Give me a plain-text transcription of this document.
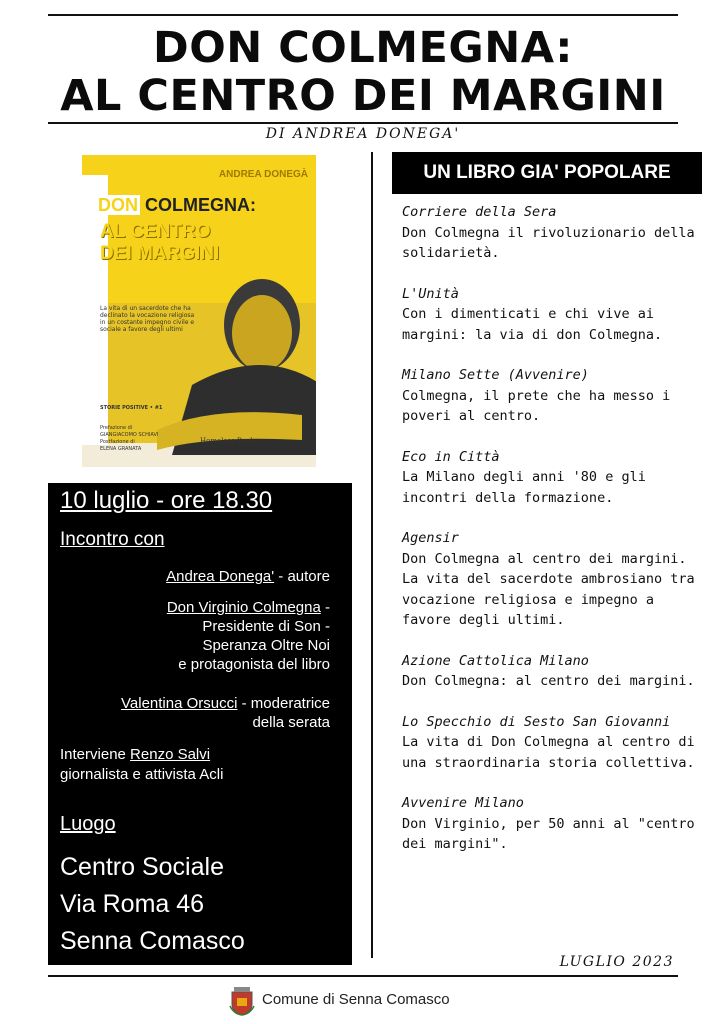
DON COLMEGNA:
AL CENTRO DEI MARGINI
DI ANDREA DONEGA'
ANDREA DONEGÀ
DON COLMEGNA:
AL CENTRO
DEI MARGINI
La vita di un sacerdote che ha declinato la vocazione religiosa in un costante impegno civile e sociale a favore degli ultimi
STORIE POSITIVE • #1
Prefazione di
GIANGIACOMO SCHIAVI
Postfazione di
ELENA GRANATA
Homeless Book
10 luglio - ore 18.30
Incontro con
Andrea Donega' - autore
Don Virginio Colmegna -
Presidente di Son -
Speranza Oltre Noi
e protagonista del libro
Valentina Orsucci - moderatrice
della serata
Interviene Renzo Salvi
giornalista e attivista Acli
Luogo
Centro Sociale
Via Roma 46
Senna Comasco
UN LIBRO GIA' POPOLARE
Corriere della Sera
Don Colmegna il rivoluzionario della solidarietà.
L'Unità
Con i dimenticati e chi vive ai margini: la via di don Colmegna.
Milano Sette (Avvenire)
Colmegna, il prete che ha messo i poveri al centro.
Eco in Città
La Milano degli anni '80 e gli incontri della formazione.
Agensir
Don Colmegna al centro dei margini. La vita del sacerdote ambrosiano tra vocazione religiosa e impegno a favore degli ultimi.
Azione Cattolica Milano
Don Colmegna: al centro dei margini.
Lo Specchio di Sesto San Giovanni
La vita di Don Colmegna al centro di una straordinaria storia collettiva.
Avvenire Milano
Don Virginio, per 50 anni al "centro dei margini".
LUGLIO 2023
Comune di Senna Comasco
